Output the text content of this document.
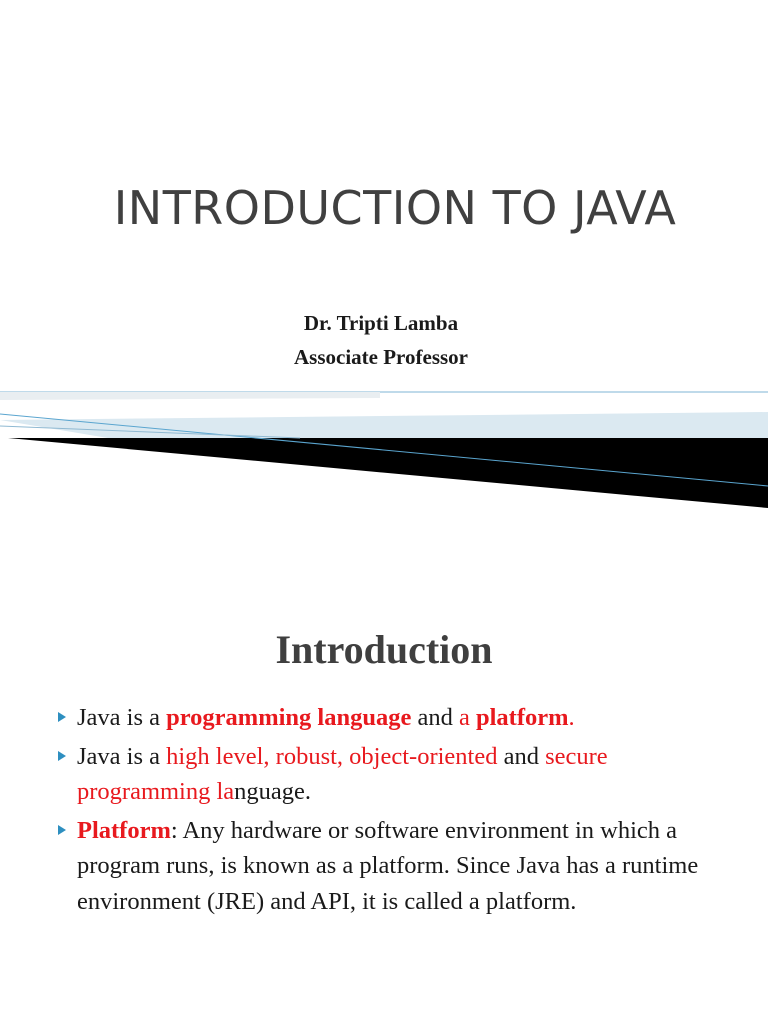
INTRODUCTION TO JAVA
Dr. Tripti Lamba
Associate Professor
Introduction
Java is a programming language and a platform.
Java is a high level, robust, object-oriented and secure programming language.
Platform: Any hardware or software environment in which a program runs, is known as a platform. Since Java has a runtime environment (JRE) and API, it is called a platform.
